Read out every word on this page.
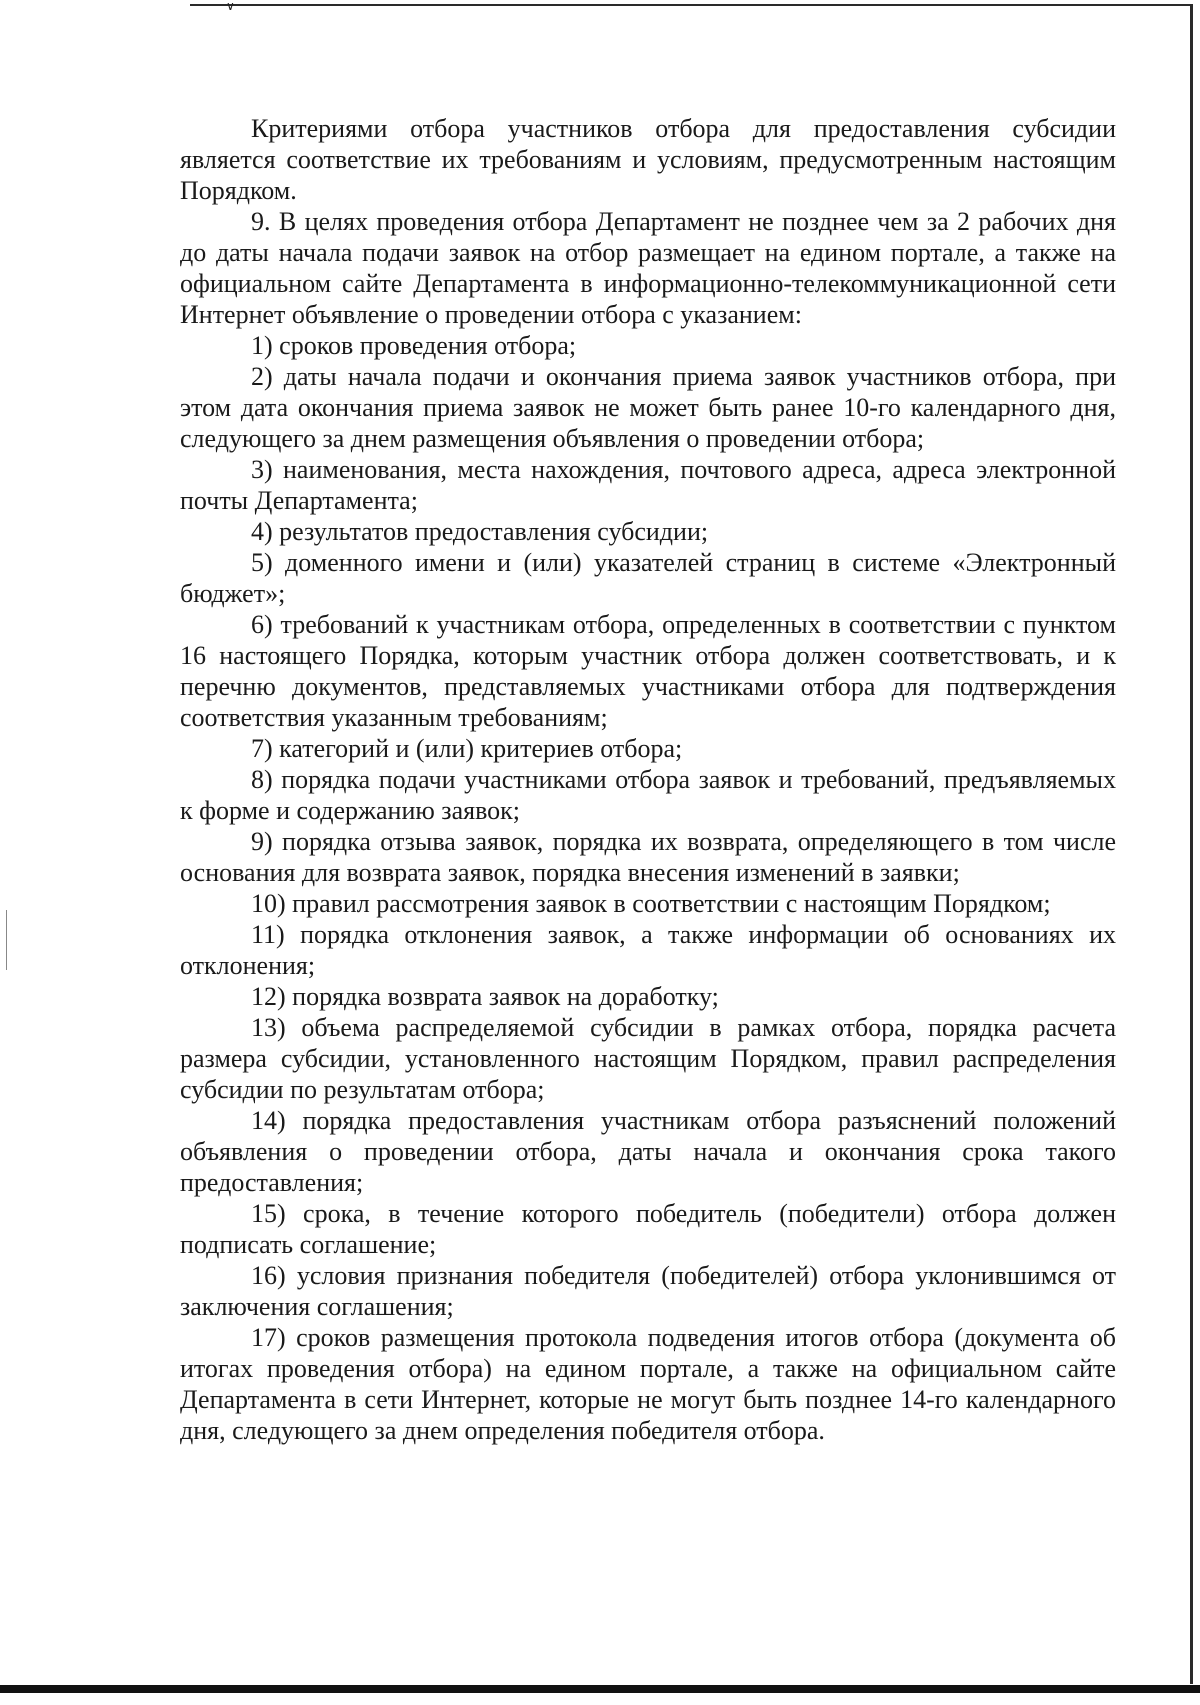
∨

Критериями отбора участников отбора для предоставления субсидии является соответствие их требованиям и условиям, предусмотренным настоящим Порядком.

9. В целях проведения отбора Департамент не позднее чем за 2 рабочих дня до даты начала подачи заявок на отбор размещает на едином портале, а также на официальном сайте Департамента в информационно-телекоммуникационной сети Интернет объявление о проведении отбора с указанием:

1) сроков проведения отбора;

2) даты начала подачи и окончания приема заявок участников отбора, при этом дата окончания приема заявок не может быть ранее 10-го календарного дня, следующего за днем размещения объявления о проведении отбора;

3) наименования, места нахождения, почтового адреса, адреса электронной почты Департамента;

4) результатов предоставления субсидии;

5) доменного имени и (или) указателей страниц в системе «Электронный бюджет»;

6) требований к участникам отбора, определенных в соответствии с пунктом 16 настоящего Порядка, которым участник отбора должен соответствовать, и к перечню документов, представляемых участниками отбора для подтверждения соответствия указанным требованиям;

7) категорий и (или) критериев отбора;

8) порядка подачи участниками отбора заявок и требований, предъявляемых к форме и содержанию заявок;

9) порядка отзыва заявок, порядка их возврата, определяющего в том числе основания для возврата заявок, порядка внесения изменений в заявки;

10) правил рассмотрения заявок в соответствии с настоящим Порядком;

11) порядка отклонения заявок, а также информации об основаниях их отклонения;

12) порядка возврата заявок на доработку;

13) объема распределяемой субсидии в рамках отбора, порядка расчета размера субсидии, установленного настоящим Порядком, правил распределения субсидии по результатам отбора;

14) порядка предоставления участникам отбора разъяснений положений объявления о проведении отбора, даты начала и окончания срока такого предоставления;

15) срока, в течение которого победитель (победители) отбора должен подписать соглашение;

16) условия признания победителя (победителей) отбора уклонившимся от заключения соглашения;

17) сроков размещения протокола подведения итогов отбора (документа об итогах проведения отбора) на едином портале, а также на официальном сайте Департамента в сети Интернет, которые не могут быть позднее 14-го календарного дня, следующего за днем определения победителя отбора.
